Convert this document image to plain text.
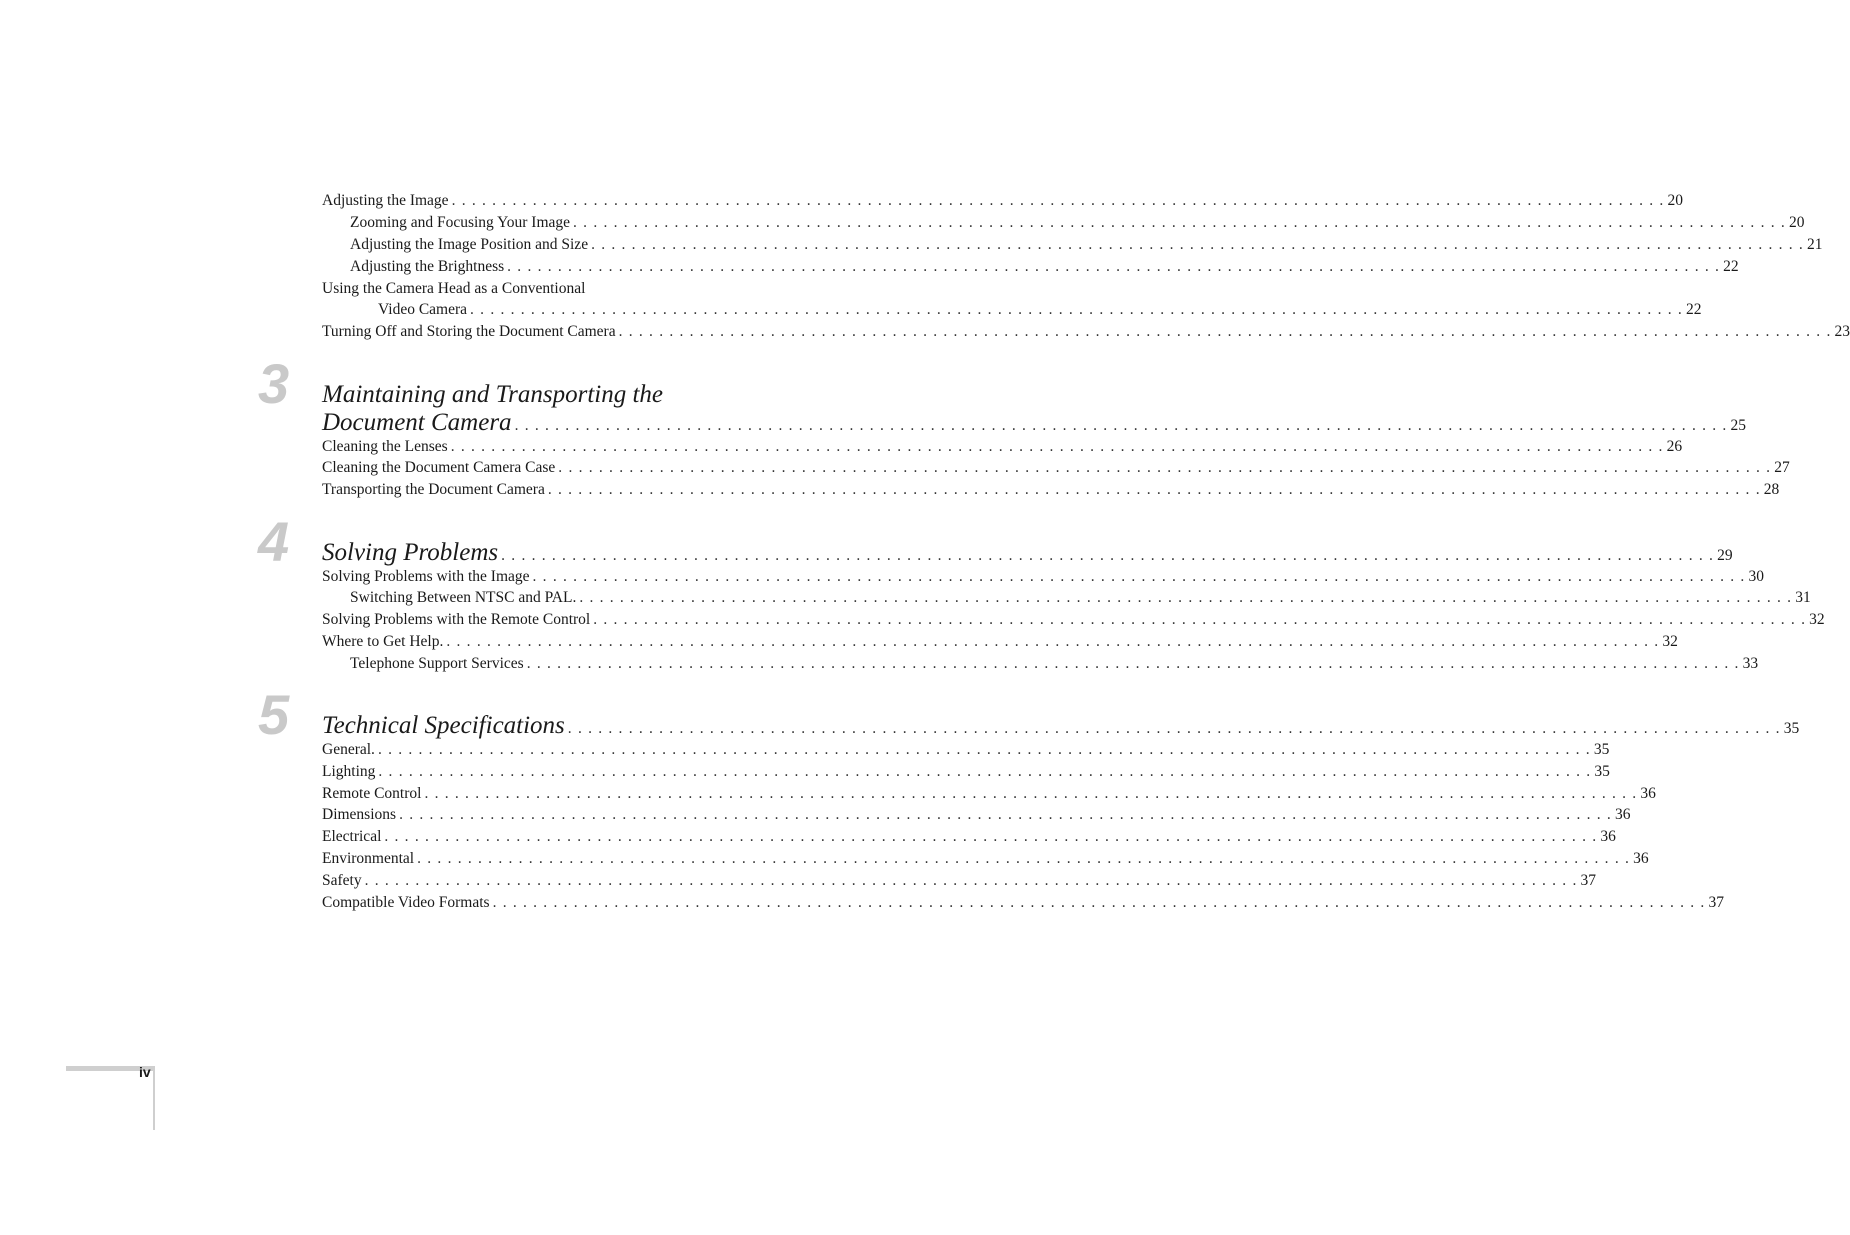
Adjusting the Image . . . . . . . . . . . . . . . . . . . . . . . . . . . . . . . . . . . . . . . . . . . . . . . . . . . . . . . . . . . . . . . . . . . . . . . . . . . . . . . . . . . . . . . . . . . . . . . . . . . . . . . . . . . . . . . . . . . . . . . . 20
Zooming and Focusing Your Image . . . . . . . . . . . . . . . . . . . . . . . . . . . . . . . . . . . . . . . . . . . . . . . . . . . . . . . . . . . . . . . . . . . . . . . . . . . . . . . . . . . . . . . . . . . . . . . . . . . . . . . . . . . . . . . . . . . . . . . . 20
Adjusting the Image Position and Size . . . . . . . . . . . . . . . . . . . . . . . . . . . . . . . . . . . . . . . . . . . . . . . . . . . . . . . . . . . . . . . . . . . . . . . . . . . . . . . . . . . . . . . . . . . . . . . . . . . . . . . . . . . . . . . . . . . . . . . . 21
Adjusting the Brightness . . . . . . . . . . . . . . . . . . . . . . . . . . . . . . . . . . . . . . . . . . . . . . . . . . . . . . . . . . . . . . . . . . . . . . . . . . . . . . . . . . . . . . . . . . . . . . . . . . . . . . . . . . . . . . . . . . . . . . . . 22
Using the Camera Head as a Conventional
Video Camera . . . . . . . . . . . . . . . . . . . . . . . . . . . . . . . . . . . . . . . . . . . . . . . . . . . . . . . . . . . . . . . . . . . . . . . . . . . . . . . . . . . . . . . . . . . . . . . . . . . . . . . . . . . . . . . . . . . . . . . . 22
Turning Off and Storing the Document Camera . . . . . . . . . . . . . . . . . . . . . . . . . . . . . . . . . . . . . . . . . . . . . . . . . . . . . . . . . . . . . . . . . . . . . . . . . . . . . . . . . . . . . . . . . . . . . . . . . . . . . . . . . . . . . . . . . . . . . . . . 23
Maintaining and Transporting the
Document Camera . . . . . . . . . . . . . . . . . . . . . . . . . . . . . . . . . . . . . . . . . . . . . . . . . . . . . . . . . . . . . . . . . . . . . . . . . . . . . . . . . . . . . . . . . . . . . . . . . . . . . . . . . . . . . . . . . . . . . . . . 25
Cleaning the Lenses . . . . . . . . . . . . . . . . . . . . . . . . . . . . . . . . . . . . . . . . . . . . . . . . . . . . . . . . . . . . . . . . . . . . . . . . . . . . . . . . . . . . . . . . . . . . . . . . . . . . . . . . . . . . . . . . . . . . . . . . 26
Cleaning the Document Camera Case . . . . . . . . . . . . . . . . . . . . . . . . . . . . . . . . . . . . . . . . . . . . . . . . . . . . . . . . . . . . . . . . . . . . . . . . . . . . . . . . . . . . . . . . . . . . . . . . . . . . . . . . . . . . . . . . . . . . . . . . 27
Transporting the Document Camera . . . . . . . . . . . . . . . . . . . . . . . . . . . . . . . . . . . . . . . . . . . . . . . . . . . . . . . . . . . . . . . . . . . . . . . . . . . . . . . . . . . . . . . . . . . . . . . . . . . . . . . . . . . . . . . . . . . . . . . . 28
Solving Problems . . . . . . . . . . . . . . . . . . . . . . . . . . . . . . . . . . . . . . . . . . . . . . . . . . . . . . . . . . . . . . . . . . . . . . . . . . . . . . . . . . . . . . . . . . . . . . . . . . . . . . . . . . . . . . . . . . . . . . . . 29
Solving Problems with the Image . . . . . . . . . . . . . . . . . . . . . . . . . . . . . . . . . . . . . . . . . . . . . . . . . . . . . . . . . . . . . . . . . . . . . . . . . . . . . . . . . . . . . . . . . . . . . . . . . . . . . . . . . . . . . . . . . . . . . . . . 30
Switching Between NTSC and PAL. . . . . . . . . . . . . . . . . . . . . . . . . . . . . . . . . . . . . . . . . . . . . . . . . . . . . . . . . . . . . . . . . . . . . . . . . . . . . . . . . . . . . . . . . . . . . . . . . . . . . . . . . . . . . . . . . . . . . . . . . 31
Solving Problems with the Remote Control . . . . . . . . . . . . . . . . . . . . . . . . . . . . . . . . . . . . . . . . . . . . . . . . . . . . . . . . . . . . . . . . . . . . . . . . . . . . . . . . . . . . . . . . . . . . . . . . . . . . . . . . . . . . . . . . . . . . . . . . 32
Where to Get Help. . . . . . . . . . . . . . . . . . . . . . . . . . . . . . . . . . . . . . . . . . . . . . . . . . . . . . . . . . . . . . . . . . . . . . . . . . . . . . . . . . . . . . . . . . . . . . . . . . . . . . . . . . . . . . . . . . . . . . . . . 32
Telephone Support Services . . . . . . . . . . . . . . . . . . . . . . . . . . . . . . . . . . . . . . . . . . . . . . . . . . . . . . . . . . . . . . . . . . . . . . . . . . . . . . . . . . . . . . . . . . . . . . . . . . . . . . . . . . . . . . . . . . . . . . . . 33
Technical Specifications . . . . . . . . . . . . . . . . . . . . . . . . . . . . . . . . . . . . . . . . . . . . . . . . . . . . . . . . . . . . . . . . . . . . . . . . . . . . . . . . . . . . . . . . . . . . . . . . . . . . . . . . . . . . . . . . . . . . . . . . 35
General. . . . . . . . . . . . . . . . . . . . . . . . . . . . . . . . . . . . . . . . . . . . . . . . . . . . . . . . . . . . . . . . . . . . . . . . . . . . . . . . . . . . . . . . . . . . . . . . . . . . . . . . . . . . . . . . . . . . . . . . . 35
Lighting . . . . . . . . . . . . . . . . . . . . . . . . . . . . . . . . . . . . . . . . . . . . . . . . . . . . . . . . . . . . . . . . . . . . . . . . . . . . . . . . . . . . . . . . . . . . . . . . . . . . . . . . . . . . . . . . . . . . . . . . 35
Remote Control . . . . . . . . . . . . . . . . . . . . . . . . . . . . . . . . . . . . . . . . . . . . . . . . . . . . . . . . . . . . . . . . . . . . . . . . . . . . . . . . . . . . . . . . . . . . . . . . . . . . . . . . . . . . . . . . . . . . . . . . 36
Dimensions . . . . . . . . . . . . . . . . . . . . . . . . . . . . . . . . . . . . . . . . . . . . . . . . . . . . . . . . . . . . . . . . . . . . . . . . . . . . . . . . . . . . . . . . . . . . . . . . . . . . . . . . . . . . . . . . . . . . . . . . 36
Electrical . . . . . . . . . . . . . . . . . . . . . . . . . . . . . . . . . . . . . . . . . . . . . . . . . . . . . . . . . . . . . . . . . . . . . . . . . . . . . . . . . . . . . . . . . . . . . . . . . . . . . . . . . . . . . . . . . . . . . . . . 36
Environmental . . . . . . . . . . . . . . . . . . . . . . . . . . . . . . . . . . . . . . . . . . . . . . . . . . . . . . . . . . . . . . . . . . . . . . . . . . . . . . . . . . . . . . . . . . . . . . . . . . . . . . . . . . . . . . . . . . . . . . . . 36
Safety . . . . . . . . . . . . . . . . . . . . . . . . . . . . . . . . . . . . . . . . . . . . . . . . . . . . . . . . . . . . . . . . . . . . . . . . . . . . . . . . . . . . . . . . . . . . . . . . . . . . . . . . . . . . . . . . . . . . . . . . 37
Compatible Video Formats . . . . . . . . . . . . . . . . . . . . . . . . . . . . . . . . . . . . . . . . . . . . . . . . . . . . . . . . . . . . . . . . . . . . . . . . . . . . . . . . . . . . . . . . . . . . . . . . . . . . . . . . . . . . . . . . . . . . . . . . 37
3
4
5
iv
